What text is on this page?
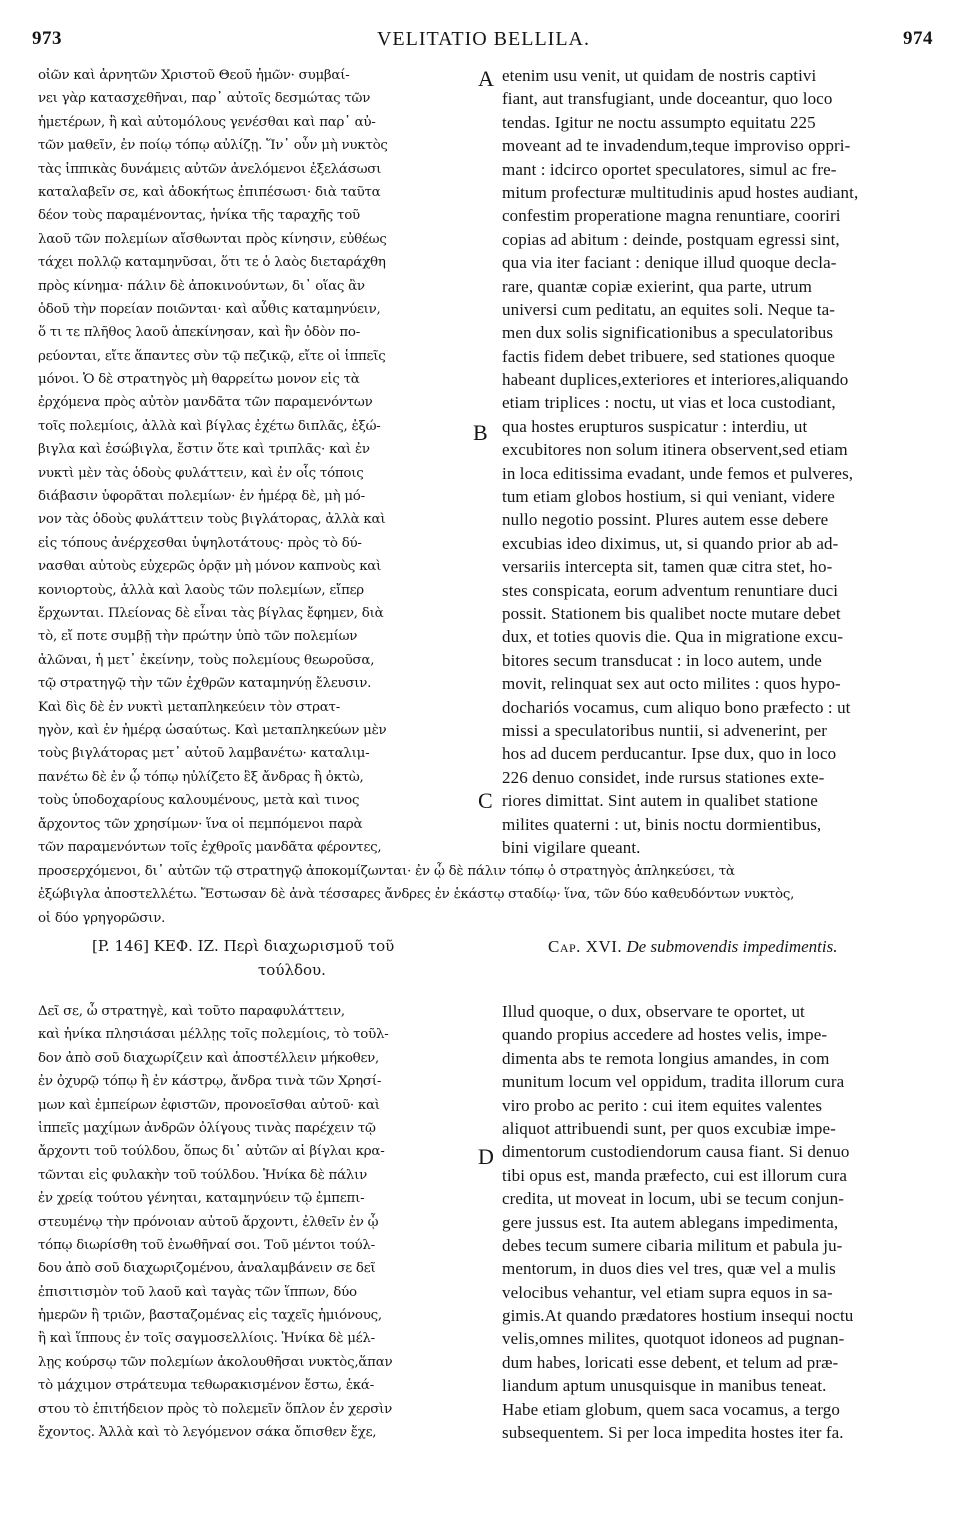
973	VELITATIO BELLILA.	974
οἰῶν καὶ ἀρνητῶν Χριστοῦ Θεοῦ ἡμῶν· συμβαί-
νει γὰρ κατασχεθῆναι, παρ᾽ αὐτοῖς δεσμώτας τῶν
ἡμετέρων, ἢ καὶ αὐτομόλους γενέσθαι καὶ παρ᾽ αὐ-
τῶν μαθεῖν, ἐν ποίῳ τόπῳ αὐλίζῃ. Ἵν᾽ οὖν μὴ νυκτὸς
τὰς ἱππικὰς δυνάμεις αὐτῶν ἀνελόμενοι ἐξελάσωσι
καταλαβεῖν σε, καὶ ἀδοκήτως ἐπιπέσωσι· διὰ ταῦτα
δέον τοὺς παραμένοντας, ἡνίκα τῆς ταραχῆς τοῦ
λαοῦ τῶν πολεμίων αἴσθωνται πρὸς κίνησιν, εὐθέως
τάχει πολλῷ καταμηνῦσαι, ὅτι τε ὁ λαὸς διεταράχθη
πρὸς κίνημα· πάλιν δὲ ἀποκινούντων, δι᾽ οἵας ἂν
ὁδοῦ τὴν πορείαν ποιῶνται· καὶ αὖθις καταμηνύειν,
ὅ τι τε πλῆθος λαοῦ ἀπεκίνησαν, καὶ ἣν ὁδὸν πο-
ρεύονται, εἴτε ἅπαντες σὺν τῷ πεζικῷ, εἴτε οἱ ἱππεῖς
μόνοι. Ὁ δὲ στρατηγὸς μὴ θαρρείτω μονον εἰς τὰ
ἐρχόμενα πρὸς αὐτὸν μανδᾶτα τῶν παραμενόντων
τοῖς πολεμίοις, ἀλλὰ καὶ βίγλας ἐχέτω διπλᾶς, ἐξώ-
βιγλα καὶ ἐσώβιγλα, ἔστιν ὅτε καὶ τριπλᾶς· καὶ ἐν
νυκτὶ μὲν τὰς ὁδοὺς φυλάττειν, καὶ ἐν οἷς τόποις
διάβασιν ὑφορᾶται πολεμίων· ἐν ἡμέρᾳ δὲ, μὴ μό-
νον τὰς ὁδοὺς φυλάττειν τοὺς βιγλάτορας, ἀλλὰ καὶ
εἰς τόπους ἀνέρχεσθαι ὑψηλοτάτους· πρὸς τὸ δύ-
νασθαι αὐτοὺς εὐχερῶς ὁρᾷν μὴ μόνον καπνοὺς καὶ
κονιορτοὺς, ἀλλὰ καὶ λαοὺς τῶν πολεμίων, εἴπερ
ἔρχωνται. Πλείονας δὲ εἶναι τὰς βίγλας ἔφημεν, διὰ
τὸ, εἴ ποτε συμβῇ τὴν πρώτην ὑπὸ τῶν πολεμίων
ἁλῶναι, ἡ μετ᾽ ἐκείνην, τοὺς πολεμίους θεωροῦσα,
τῷ στρατηγῷ τὴν τῶν ἐχθρῶν καταμηνύῃ ἔλευσιν.
Καὶ δὶς δὲ ἐν νυκτὶ μεταπληκεύειν τὸν στρατ-
ηγὸν, καὶ ἐν ἡμέρᾳ ὡσαύτως. Καὶ μεταπληκεύων μὲν
τοὺς βιγλάτορας μετ᾽ αὐτοῦ λαμβανέτω· καταλιμ-
πανέτω δὲ ἐν ᾧ τόπῳ ηὐλίζετο ἓξ ἄνδρας ἢ ὀκτὼ,
τοὺς ὑποδοχαρίους καλουμένους, μετὰ καὶ τινος
ἄρχοντος τῶν χρησίμων· ἵνα οἱ πεμπόμενοι παρὰ
τῶν παραμενόντων τοῖς ἐχθροῖς μανδᾶτα φέροντες,
etenim usu venit, ut quidam de nostris captivi
fiant, aut transfugiant, unde doceantur, quo loco
tendas. Igitur ne noctu assumpto equitatu 225
moveant ad te invadendum,teque improviso oppri-
mant : idcirco oportet speculatores, simul ac fre-
mitum profecturæ multitudinis apud hostes audiant,
confestim properatione magna renuntiare, cooriri
copias ad abitum : deinde, postquam egressi sint,
qua via iter faciant : denique illud quoque decla-
rare, quantæ copiæ exierint, qua parte, utrum
universi cum peditatu, an equites soli. Neque ta-
men dux solis significationibus a speculatoribus
factis fidem debet tribuere, sed stationes quoque
habeant duplices,exteriores et interiores,aliquando
etiam triplices : noctu, ut vias et loca custodiant,
qua hostes erupturos suspicatur : interdiu, ut
excubitores non solum itinera observent,sed etiam
in loca editissima evadant, unde femos et pulveres,
tum etiam globos hostium, si qui veniant, videre
nullo negotio possint. Plures autem esse debere
excubias ideo diximus, ut, si quando prior ab ad-
versariis intercepta sit, tamen quæ citra stet, ho-
stes conspicata, eorum adventum renuntiare duci
possit. Stationem bis qualibet nocte mutare debet
dux, et toties quovis die. Qua in migratione excu-
bitores secum transducat : in loco autem, unde
movit, relinquat sex aut octo milites : quos hypo-
dochariós vocamus, cum aliquo bono præfecto : ut
missi a speculatoribus nuntii, si advenerint, per
hos ad ducem perducantur. Ipse dux, quo in loco
226 denuo considet, inde rursus stationes exte-
riores dimittat. Sint autem in qualibet statione
milites quaterni : ut, binis noctu dormientibus,
bini vigilare queant.
A
B
C
D
προσερχόμενοι, δι᾽ αὐτῶν τῷ στρατηγῷ ἀποκομίζωνται· ἐν ᾧ δὲ πάλιν τόπῳ ὁ στρατηγὸς ἀπληκεύσει, τὰ
ἐξώβιγλα ἀποστελλέτω. Ἔστωσαν δὲ ἀνὰ τέσσαρες ἄνδρες ἐν ἑκάστῳ σταδίῳ· ἵνα, τῶν δύο καθευδόντων νυκτὸς,
οἱ δύο γρηγορῶσιν.
[P. 146] ΚΕΦ. ΙΖ. Περὶ διαχωρισμοῦ τοῦ
τούλδου.
Cap. XVI. De submovendis impedimentis.
Δεῖ σε, ὦ στρατηγὲ, καὶ τοῦτο παραφυλάττειν,
καὶ ἡνίκα πλησιάσαι μέλλῃς τοῖς πολεμίοις, τὸ τοῦλ-
δον ἀπὸ σοῦ διαχωρίζειν καὶ ἀποστέλλειν μήκοθεν,
ἐν ὀχυρῷ τόπῳ ἢ ἐν κάστρῳ, ἄνδρα τινὰ τῶν Χρησί-
μων καὶ ἐμπείρων ἐφιστῶν, προνοεῖσθαι αὐτοῦ· καὶ
ἱππεῖς μαχίμων ἀνδρῶν ὀλίγους τινὰς παρέχειν τῷ
ἄρχοντι τοῦ τούλδου, ὅπως δι᾽ αὐτῶν αἱ βίγλαι κρα-
τῶνται εἰς φυλακὴν τοῦ τούλδου. Ἡνίκα δὲ πάλιν
ἐν χρείᾳ τούτου γένηται, καταμηνύειν τῷ ἐμπεπι-
στευμένῳ τὴν πρόνοιαν αὐτοῦ ἄρχοντι, ἐλθεῖν ἐν ᾧ
τόπῳ διωρίσθη τοῦ ἑνωθῆναί σοι. Τοῦ μέντοι τούλ-
δου ἀπὸ σοῦ διαχωριζομένου, ἀναλαμβάνειν σε δεῖ
ἐπισιτισμὸν τοῦ λαοῦ καὶ ταγὰς τῶν ἵππων, δύο
ἡμερῶν ἢ τριῶν, βασταζομένας εἰς ταχεῖς ἡμιόνους,
ἢ καὶ ἵππους ἐν τοῖς σαγμοσελλίοις. Ἡνίκα δὲ μέλ-
λῃς κούρσῳ τῶν πολεμίων ἀκολουθῆσαι νυκτὸς,ἅπαν
τὸ μάχιμον στράτευμα τεθωρακισμένον ἔστω, ἑκά-
στου τὸ ἐπιτήδειον πρὸς τὸ πολεμεῖν ὅπλον ἐν χερσὶν
ἔχοντος. Ἀλλὰ καὶ τὸ λεγόμενον σάκα ὄπισθεν ἔχε,
Illud quoque, o dux, observare te oportet, ut
quando propius accedere ad hostes velis, impe-
dimenta abs te remota longius amandes, in com
munitum locum vel oppidum, tradita illorum cura
viro probo ac perito : cui item equites valentes
aliquot attribuendi sunt, per quos excubiæ impe-
dimentorum custodiendorum causa fiant. Si denuo
tibi opus est, manda præfecto, cui est illorum cura
credita, ut moveat in locum, ubi se tecum conjun-
gere jussus est. Ita autem ablegans impedimenta,
debes tecum sumere cibaria militum et pabula ju-
mentorum, in duos dies vel tres, quæ vel a mulis
velocibus vehantur, vel etiam supra equos in sa-
gimis.At quando prædatores hostium insequi noctu
velis,omnes milites, quotquot idoneos ad pugnan-
dum habes, loricati esse debent, et telum ad præ-
liandum aptum unusquisque in manibus teneat.
Habe etiam globum, quem saca vocamus, a tergo
subsequentem. Si per loca impedita hostes iter fa.
